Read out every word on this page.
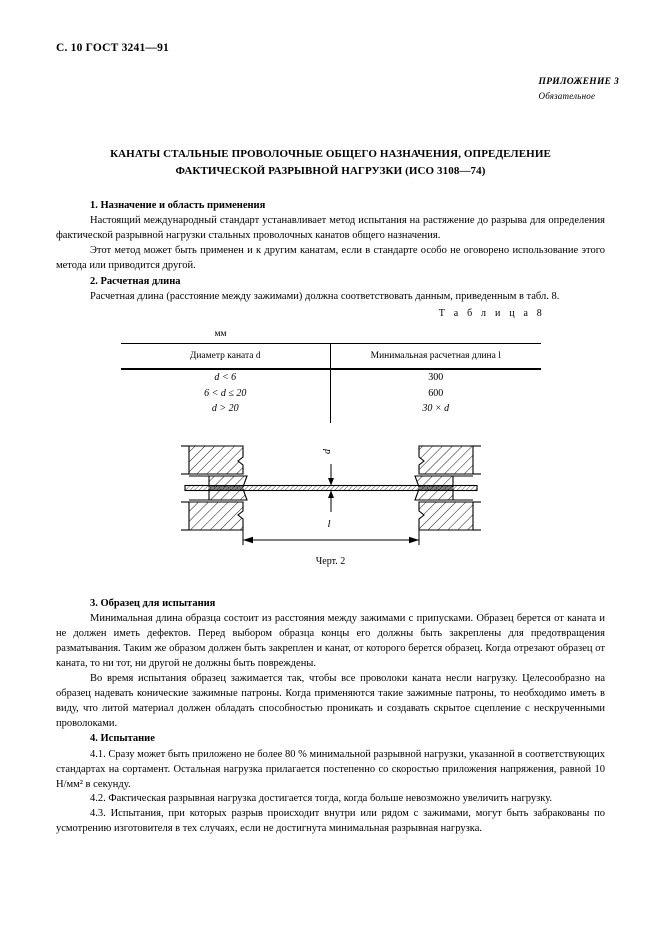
С. 10 ГОСТ 3241—91
ПРИЛОЖЕНИЕ 3
Обязательное
КАНАТЫ СТАЛЬНЫЕ ПРОВОЛОЧНЫЕ ОБЩЕГО НАЗНАЧЕНИЯ, ОПРЕДЕЛЕНИЕ
ФАКТИЧЕСКОЙ РАЗРЫВНОЙ НАГРУЗКИ (ИСО 3108—74)
1. Назначение и область применения

Настоящий международный стандарт устанавливает метод испытания на растяжение до разрыва для определения фактической разрывной нагрузки стальных проволочных канатов общего назначения.

Этот метод может быть применен и к другим канатам, если в стандарте особо не оговорено использование этого метода или приводится другой.

2. Расчетная длина

Расчетная длина (расстояние между зажимами) должна соответствовать данным, приведенным в табл. 8.

Т а б л и ц а 8
мм
Диаметр каната d	Минимальная расчетная длина l
d < 6	300
6 < d ≤ 20	600
d > 20	30 × d
d
l
Черт. 2
3. Образец для испытания

Минимальная длина образца состоит из расстояния между зажимами с припусками. Образец берется от каната и не должен иметь дефектов. Перед выбором образца концы его должны быть закреплены для предотвращения разматывания. Таким же образом должен быть закреплен и канат, от которого берется образец. Когда отрезают образец от каната, то ни тот, ни другой не должны быть повреждены.

Во время испытания образец зажимается так, чтобы все проволоки каната несли нагрузку. Целесообразно на образец надевать конические зажимные патроны. Когда применяются такие зажимные патроны, то необходимо иметь в виду, что литой материал должен обладать способностью проникать и создавать скрытое сцепление с нескрученными проволоками.

4. Испытание

4.1. Сразу может быть приложено не более 80 % минимальной разрывной нагрузки, указанной в соответствующих стандартах на сортамент. Остальная нагрузка прилагается постепенно со скоростью приложения напряжения, равной 10 Н/мм² в секунду.

4.2. Фактическая разрывная нагрузка достигается тогда, когда больше невозможно увеличить нагрузку.

4.3. Испытания, при которых разрыв происходит внутри или рядом с зажимами, могут быть забракованы по усмотрению изготовителя в тех случаях, если не достигнута минимальная разрывная нагрузка.
